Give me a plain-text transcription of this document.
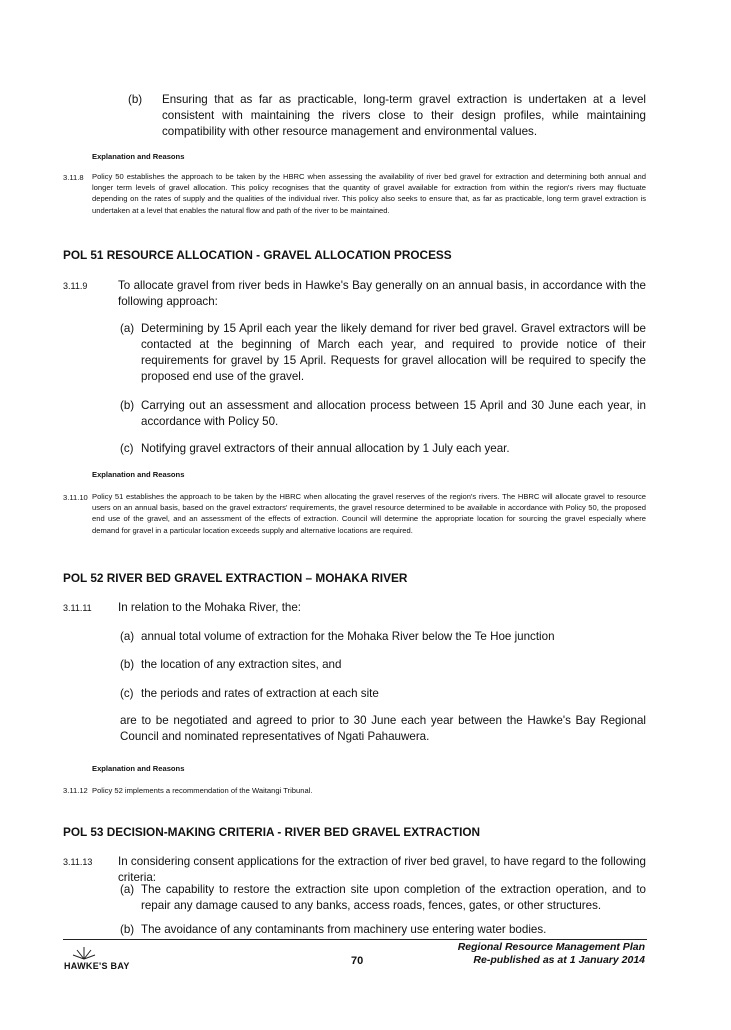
(b) Ensuring that as far as practicable, long-term gravel extraction is undertaken at a level consistent with maintaining the rivers close to their design profiles, while maintaining compatibility with other resource management and environmental values.
Explanation and Reasons
3.11.8 Policy 50 establishes the approach to be taken by the HBRC when assessing the availability of river bed gravel for extraction and determining both annual and longer term levels of gravel allocation. This policy recognises that the quantity of gravel available for extraction from within the region's rivers may fluctuate depending on the rates of supply and the qualities of the individual river. This policy also seeks to ensure that, as far as practicable, long term gravel extraction is undertaken at a level that enables the natural flow and path of the river to be maintained.
POL 51 RESOURCE ALLOCATION - GRAVEL ALLOCATION PROCESS
3.11.9	To allocate gravel from river beds in Hawke's Bay generally on an annual basis, in accordance with the following approach:
(a) Determining by 15 April each year the likely demand for river bed gravel. Gravel extractors will be contacted at the beginning of March each year, and required to provide notice of their requirements for gravel by 15 April. Requests for gravel allocation will be required to specify the proposed end use of the gravel.
(b) Carrying out an assessment and allocation process between 15 April and 30 June each year, in accordance with Policy 50.
(c) Notifying gravel extractors of their annual allocation by 1 July each year.
Explanation and Reasons
3.11.10 Policy 51 establishes the approach to be taken by the HBRC when allocating the gravel reserves of the region's rivers. The HBRC will allocate gravel to resource users on an annual basis, based on the gravel extractors' requirements, the gravel resource determined to be available in accordance with Policy 50, the proposed end use of the gravel, and an assessment of the effects of extraction. Council will determine the appropriate location for sourcing the gravel especially where demand for gravel in a particular location exceeds supply and alternative locations are required.
POL 52 RIVER BED GRAVEL EXTRACTION – MOHAKA RIVER
3.11.11 In relation to the Mohaka River, the:
(a) annual total volume of extraction for the Mohaka River below the Te Hoe junction
(b) the location of any extraction sites, and
(c) the periods and rates of extraction at each site
are to be negotiated and agreed to prior to 30 June each year between the Hawke's Bay Regional Council and nominated representatives of Ngati Pahauwera.
Explanation and Reasons
3.11.12 Policy 52 implements a recommendation of the Waitangi Tribunal.
POL 53 DECISION-MAKING CRITERIA - RIVER BED GRAVEL EXTRACTION
3.11.13 In considering consent applications for the extraction of river bed gravel, to have regard to the following criteria:
(a) The capability to restore the extraction site upon completion of the extraction operation, and to repair any damage caused to any banks, access roads, fences, gates, or other structures.
(b) The avoidance of any contaminants from machinery use entering water bodies.
HAWKE'S BAY	70
Regional Resource Management Plan
Re-published as at 1 January 2014
